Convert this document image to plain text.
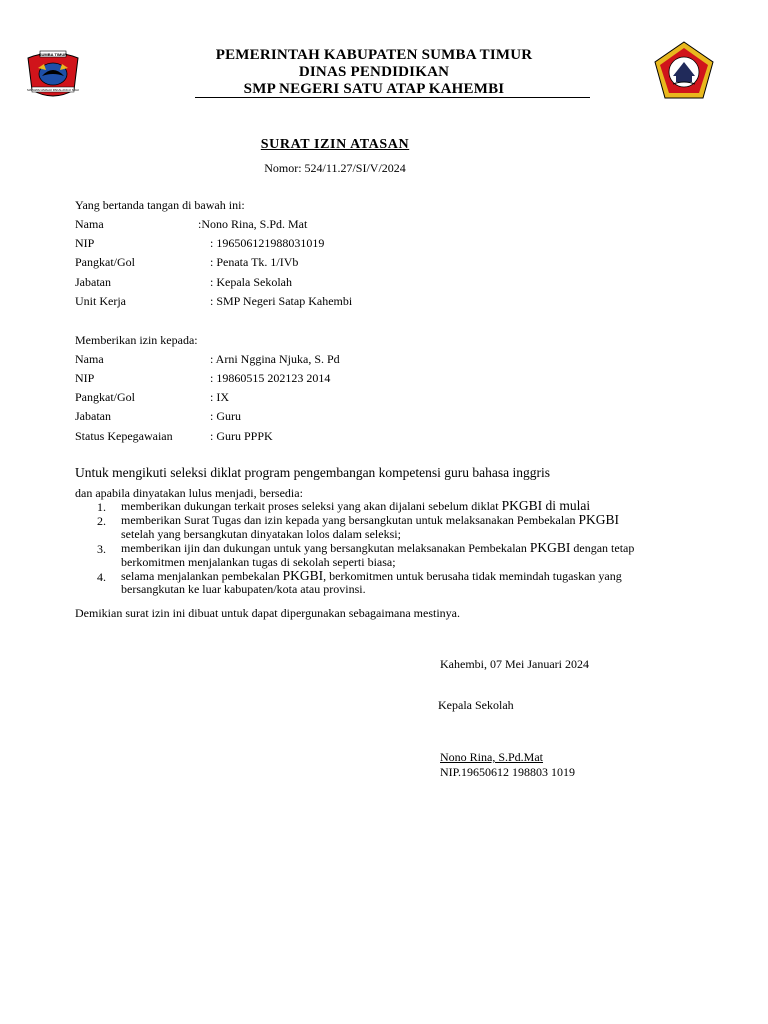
SUMBA TIMUR
MATAWAI AMAHU PAKALANGU NDAI
PEMERINTAH KABUPATEN SUMBA TIMUR
DINAS PENDIDIKAN
SMP NEGERI SATU ATAP KAHEMBI
SURAT IZIN ATASAN
Nomor: 524/11.27/SI/V/2024
Yang bertanda tangan di bawah ini:
Nama	:Nono Rina, S.Pd. Mat
NIP	: 196506121988031019
Pangkat/Gol	: Penata Tk. 1/IVb
Jabatan	: Kepala Sekolah
Unit Kerja	: SMP Negeri Satap Kahembi
Memberikan izin kepada:
Nama	: Arni Nggina Njuka, S. Pd
NIP	: 19860515 202123 2014
Pangkat/Gol	: IX
Jabatan	: Guru
Status Kepegawaian	: Guru PPPK
Untuk mengikuti seleksi diklat program pengembangan kompetensi guru bahasa inggris
dan apabila dinyatakan lulus menjadi, bersedia:
1. memberikan dukungan terkait proses seleksi yang akan dijalani sebelum diklat PKGBI di mulai
2. memberikan Surat Tugas dan izin kepada yang bersangkutan untuk melaksanakan Pembekalan PKGBI
setelah yang bersangkutan dinyatakan lolos dalam seleksi;
3. memberikan ijin dan dukungan untuk yang bersangkutan melaksanakan Pembekalan PKGBI dengan tetap
berkomitmen menjalankan tugas di sekolah seperti biasa;
4. selama menjalankan pembekalan PKGBI, berkomitmen untuk berusaha tidak memindah tugaskan yang
bersangkutan ke luar kabupaten/kota atau provinsi.
Demikian surat izin ini dibuat untuk dapat dipergunakan sebagaimana mestinya.
Kahembi, 07 Mei Januari 2024
Kepala Sekolah
Nono Rina, S.Pd.Mat
NIP.19650612 198803 1019
